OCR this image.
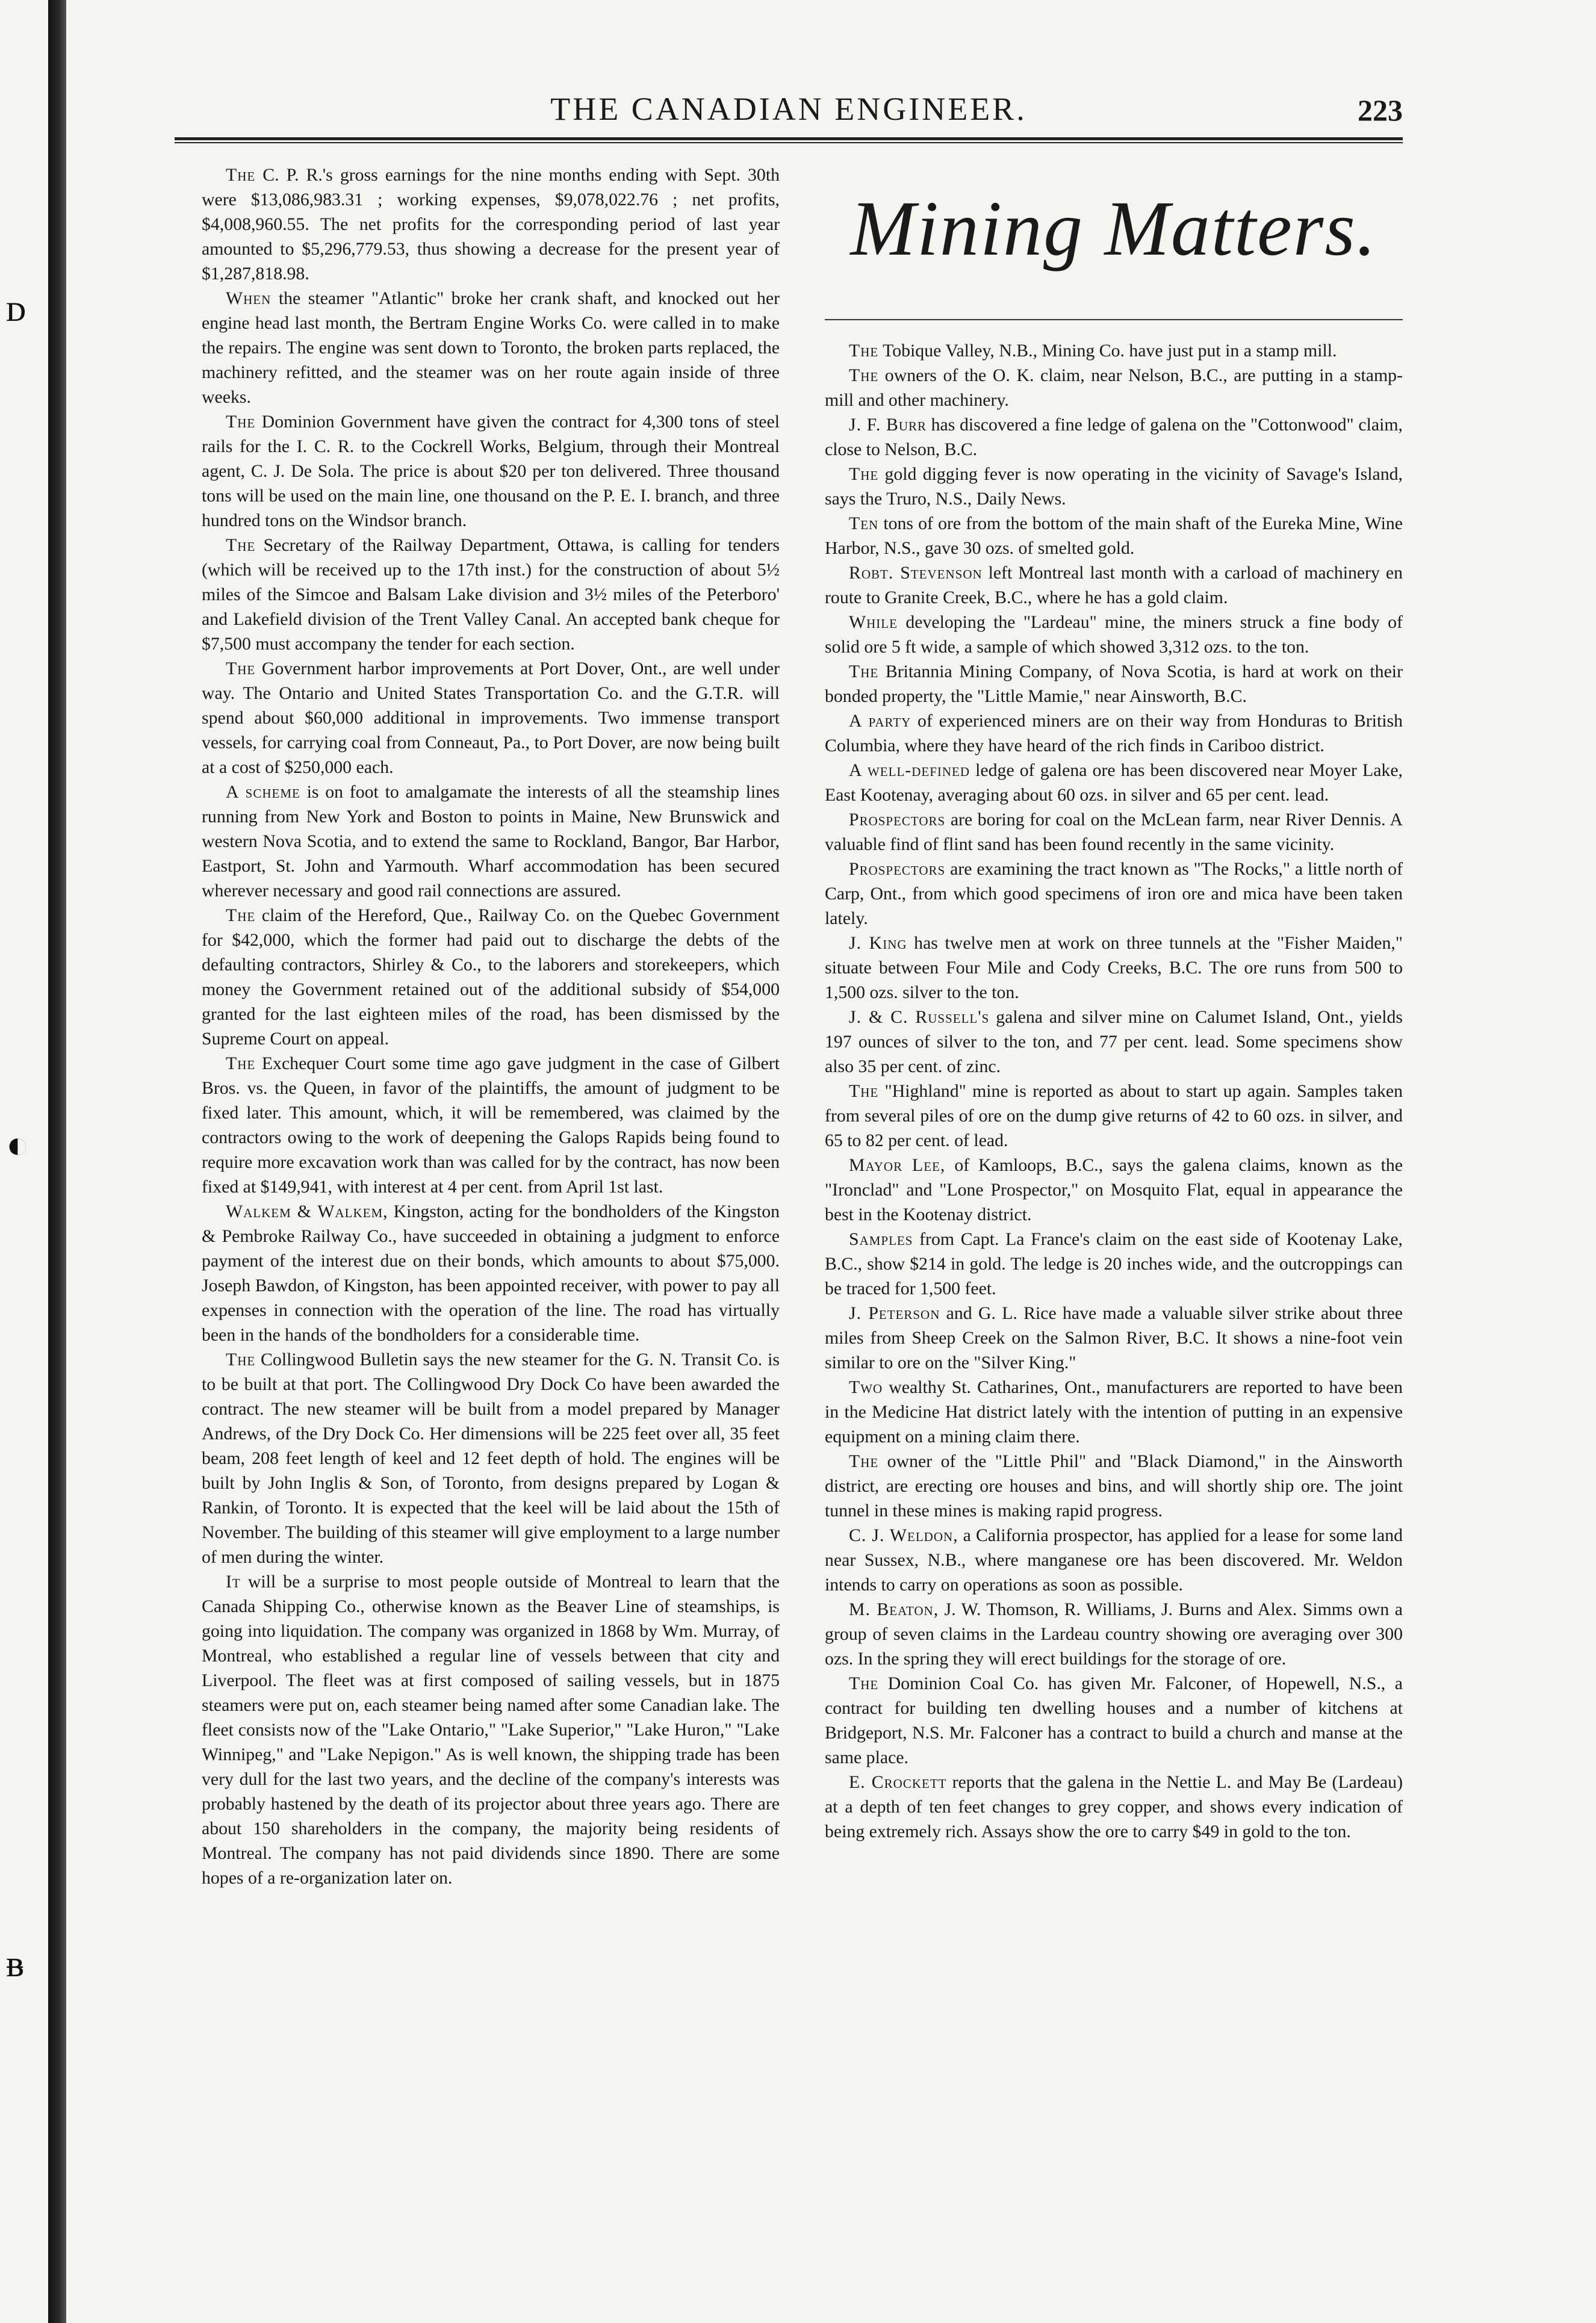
ᴅ
◐
ᴃ
THE CANADIAN ENGINEER.	223

The C. P. R.'s gross earnings for the nine months ending with Sept. 30th were $13,086,983.31 ; working expenses, $9,078,022.76 ; net profits, $4,008,960.55. The net profits for the corresponding period of last year amounted to $5,296,779.53, thus showing a decrease for the present year of $1,287,818.98.

When the steamer "Atlantic" broke her crank shaft, and knocked out her engine head last month, the Bertram Engine Works Co. were called in to make the repairs. The engine was sent down to Toronto, the broken parts replaced, the machinery refitted, and the steamer was on her route again inside of three weeks.

The Dominion Government have given the contract for 4,300 tons of steel rails for the I. C. R. to the Cockrell Works, Belgium, through their Montreal agent, C. J. De Sola. The price is about $20 per ton delivered. Three thousand tons will be used on the main line, one thousand on the P. E. I. branch, and three hundred tons on the Windsor branch.

The Secretary of the Railway Department, Ottawa, is calling for tenders (which will be received up to the 17th inst.) for the construction of about 5½ miles of the Simcoe and Balsam Lake division and 3½ miles of the Peterboro' and Lakefield division of the Trent Valley Canal. An accepted bank cheque for $7,500 must accompany the tender for each section.

The Government harbor improvements at Port Dover, Ont., are well under way. The Ontario and United States Transportation Co. and the G.T.R. will spend about $60,000 additional in improvements. Two immense transport vessels, for carrying coal from Conneaut, Pa., to Port Dover, are now being built at a cost of $250,000 each.

A scheme is on foot to amalgamate the interests of all the steamship lines running from New York and Boston to points in Maine, New Brunswick and western Nova Scotia, and to extend the same to Rockland, Bangor, Bar Harbor, Eastport, St. John and Yarmouth. Wharf accommodation has been secured wherever necessary and good rail connections are assured.

The claim of the Hereford, Que., Railway Co. on the Quebec Government for $42,000, which the former had paid out to discharge the debts of the defaulting contractors, Shirley & Co., to the laborers and storekeepers, which money the Government retained out of the additional subsidy of $54,000 granted for the last eighteen miles of the road, has been dismissed by the Supreme Court on appeal.

The Exchequer Court some time ago gave judgment in the case of Gilbert Bros. vs. the Queen, in favor of the plaintiffs, the amount of judgment to be fixed later. This amount, which, it will be remembered, was claimed by the contractors owing to the work of deepening the Galops Rapids being found to require more excavation work than was called for by the contract, has now been fixed at $149,941, with interest at 4 per cent. from April 1st last.

Walkem & Walkem, Kingston, acting for the bondholders of the Kingston & Pembroke Railway Co., have succeeded in obtaining a judgment to enforce payment of the interest due on their bonds, which amounts to about $75,000. Joseph Bawdon, of Kingston, has been appointed receiver, with power to pay all expenses in connection with the operation of the line. The road has virtually been in the hands of the bondholders for a considerable time.

The Collingwood Bulletin says the new steamer for the G. N. Transit Co. is to be built at that port. The Collingwood Dry Dock Co have been awarded the contract. The new steamer will be built from a model prepared by Manager Andrews, of the Dry Dock Co. Her dimensions will be 225 feet over all, 35 feet beam, 208 feet length of keel and 12 feet depth of hold. The engines will be built by John Inglis & Son, of Toronto, from designs prepared by Logan & Rankin, of Toronto. It is expected that the keel will be laid about the 15th of November. The building of this steamer will give employment to a large number of men during the winter.

It will be a surprise to most people outside of Montreal to learn that the Canada Shipping Co., otherwise known as the Beaver Line of steamships, is going into liquidation. The company was organized in 1868 by Wm. Murray, of Montreal, who established a regular line of vessels between that city and Liverpool. The fleet was at first composed of sailing vessels, but in 1875 steamers were put on, each steamer being named after some Canadian lake. The fleet consists now of the "Lake Ontario," "Lake Superior," "Lake Huron," "Lake Winnipeg," and "Lake Nepigon." As is well known, the shipping trade has been very dull for the last two years, and the decline of the company's interests was probably hastened by the death of its projector about three years ago. There are about 150 shareholders in the company, the majority being residents of Montreal. The company has not paid dividends since 1890. There are some hopes of a re-organization later on.

Mining Matters.

The Tobique Valley, N.B., Mining Co. have just put in a stamp mill.

The owners of the O. K. claim, near Nelson, B.C., are putting in a stamp-mill and other machinery.

J. F. Burr has discovered a fine ledge of galena on the "Cottonwood" claim, close to Nelson, B.C.

The gold digging fever is now operating in the vicinity of Savage's Island, says the Truro, N.S., Daily News.

Ten tons of ore from the bottom of the main shaft of the Eureka Mine, Wine Harbor, N.S., gave 30 ozs. of smelted gold.

Robt. Stevenson left Montreal last month with a carload of machinery en route to Granite Creek, B.C., where he has a gold claim.

While developing the "Lardeau" mine, the miners struck a fine body of solid ore 5 ft wide, a sample of which showed 3,312 ozs. to the ton.

The Britannia Mining Company, of Nova Scotia, is hard at work on their bonded property, the "Little Mamie," near Ainsworth, B.C.

A party of experienced miners are on their way from Honduras to British Columbia, where they have heard of the rich finds in Cariboo district.

A well-defined ledge of galena ore has been discovered near Moyer Lake, East Kootenay, averaging about 60 ozs. in silver and 65 per cent. lead.

Prospectors are boring for coal on the McLean farm, near River Dennis. A valuable find of flint sand has been found recently in the same vicinity.

Prospectors are examining the tract known as "The Rocks," a little north of Carp, Ont., from which good specimens of iron ore and mica have been taken lately.

J. King has twelve men at work on three tunnels at the "Fisher Maiden," situate between Four Mile and Cody Creeks, B.C. The ore runs from 500 to 1,500 ozs. silver to the ton.

J. & C. Russell's galena and silver mine on Calumet Island, Ont., yields 197 ounces of silver to the ton, and 77 per cent. lead. Some specimens show also 35 per cent. of zinc.

The "Highland" mine is reported as about to start up again. Samples taken from several piles of ore on the dump give returns of 42 to 60 ozs. in silver, and 65 to 82 per cent. of lead.

Mayor Lee, of Kamloops, B.C., says the galena claims, known as the "Ironclad" and "Lone Prospector," on Mosquito Flat, equal in appearance the best in the Kootenay district.

Samples from Capt. La France's claim on the east side of Kootenay Lake, B.C., show $214 in gold. The ledge is 20 inches wide, and the outcroppings can be traced for 1,500 feet.

J. Peterson and G. L. Rice have made a valuable silver strike about three miles from Sheep Creek on the Salmon River, B.C. It shows a nine-foot vein similar to ore on the "Silver King."

Two wealthy St. Catharines, Ont., manufacturers are reported to have been in the Medicine Hat district lately with the intention of putting in an expensive equipment on a mining claim there.

The owner of the "Little Phil" and "Black Diamond," in the Ainsworth district, are erecting ore houses and bins, and will shortly ship ore. The joint tunnel in these mines is making rapid progress.

C. J. Weldon, a California prospector, has applied for a lease for some land near Sussex, N.B., where manganese ore has been discovered. Mr. Weldon intends to carry on operations as soon as possible.

M. Beaton, J. W. Thomson, R. Williams, J. Burns and Alex. Simms own a group of seven claims in the Lardeau country showing ore averaging over 300 ozs. In the spring they will erect buildings for the storage of ore.

The Dominion Coal Co. has given Mr. Falconer, of Hopewell, N.S., a contract for building ten dwelling houses and a number of kitchens at Bridgeport, N.S. Mr. Falconer has a contract to build a church and manse at the same place.

E. Crockett reports that the galena in the Nettie L. and May Be (Lardeau) at a depth of ten feet changes to grey copper, and shows every indication of being extremely rich. Assays show the ore to carry $49 in gold to the ton.
